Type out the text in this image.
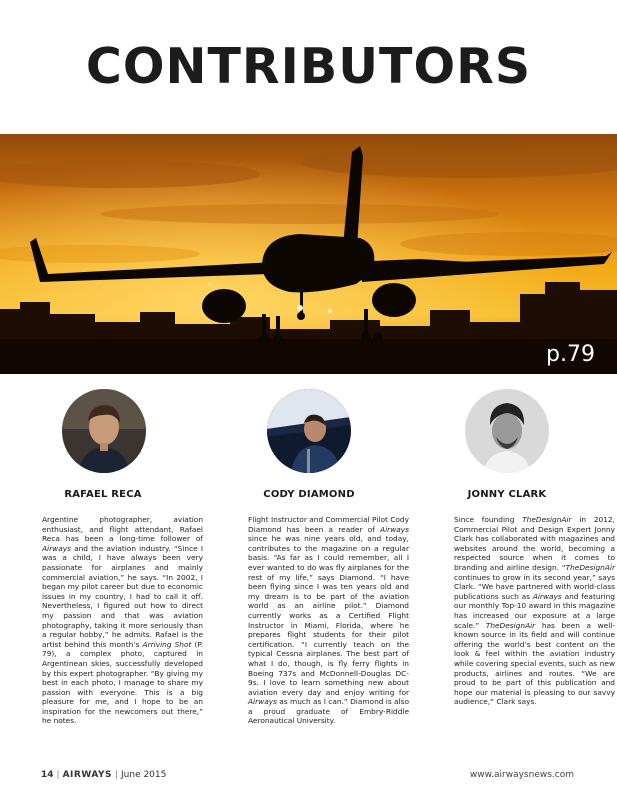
CONTRIBUTORS
p.79
RAFAEL RECA	CODY DIAMOND	JONNY CLARK

Argentine photographer, aviation enthusiast, and flight attendant, Rafael Reca has been a long-time follower of Airways and the aviation industry. “Since I was a child, I have always been very passionate for airplanes and mainly commercial aviation,” he says. “In 2002, I began my pilot career but due to economic issues in my country, I had to call it off. Nevertheless, I figured out how to direct my passion and that was aviation photography, taking it more seriously than a regular hobby,” he admits. Rafael is the artist behind this month’s Arriving Shot (P. 79), a complex photo, captured in Argentinean skies, successfully developed by this expert photographer. “By giving my best in each photo, I manage to share my passion with everyone. This is a big pleasure for me, and I hope to be an inspiration for the newcomers out there,” he notes.

Flight Instructor and Commercial Pilot Cody Diamond has been a reader of Airways since he was nine years old, and today, contributes to the magazine on a regular basis. “As far as I could remember, all I ever wanted to do was fly airplanes for the rest of my life,” says Diamond. “I have been flying since I was ten years old and my dream is to be part of the aviation world as an airline pilot.” Diamond currently works as a Certified Flight Instructor in Miami, Florida, where he prepares flight students for their pilot certification. “I currently teach on the typical Cessna airplanes. The best part of what I do, though, is fly ferry flights in Boeing 737s and McDonnell-Douglas DC-9s. I love to learn something new about aviation every day and enjoy writing for Airways as much as I can.” Diamond is also a proud graduate of Embry-Riddle Aeronautical University.

Since founding TheDesignAir in 2012, Commercial Pilot and Design Expert Jonny Clark has collaborated with magazines and websites around the world, becoming a respected source when it comes to branding and airline design. “TheDesignAir continues to grow in its second year,” says Clark. “We have partnered with world-class publications such as Airways and featuring our monthly Top-10 award in this magazine has increased our exposure at a large scale.” TheDesignAir has been a well-known source in its field and will continue offering the world’s best content on the look & feel within the aviation industry while covering special events, such as new products, airlines and routes. “We are proud to be part of this publication and hope our material is pleasing to our savvy audience,” Clark says.

14 | AIRWAYS | June 2015	www.airwaysnews.com
